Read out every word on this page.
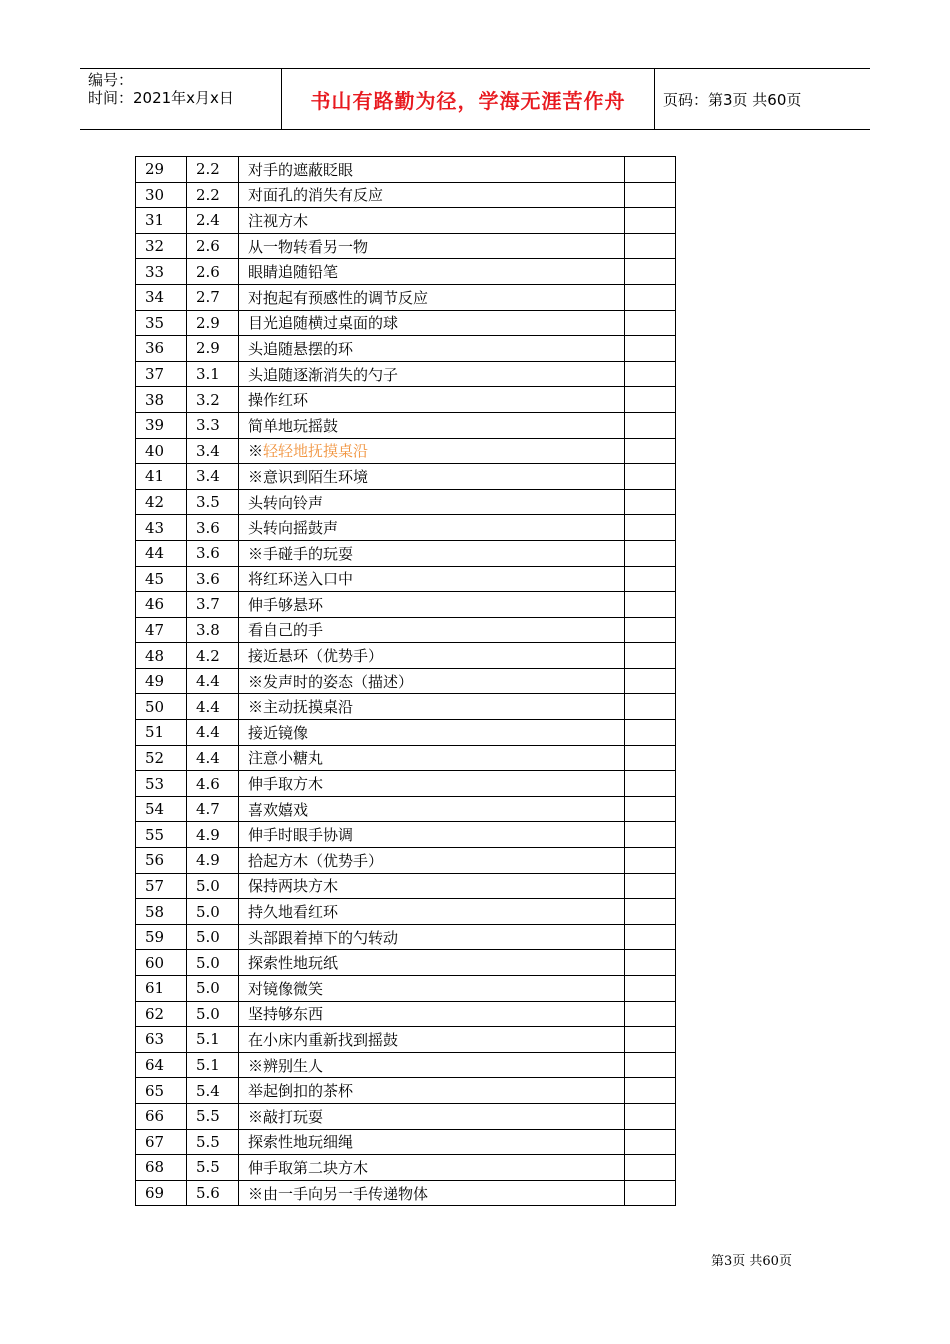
编号：
时间：2021年x月x日	书山有路勤为径，学海无涯苦作舟	页码：第3页 共60页
29	2.2	对手的遮蔽眨眼	
30	2.2	对面孔的消失有反应	
31	2.4	注视方木	
32	2.6	从一物转看另一物	
33	2.6	眼睛追随铅笔	
34	2.7	对抱起有预感性的调节反应	
35	2.9	目光追随横过桌面的球	
36	2.9	头追随悬摆的环	
37	3.1	头追随逐渐消失的勺子	
38	3.2	操作红环	
39	3.3	简单地玩摇鼓	
40	3.4	※轻轻地抚摸桌沿	
41	3.4	※意识到陌生环境	
42	3.5	头转向铃声	
43	3.6	头转向摇鼓声	
44	3.6	※手碰手的玩耍	
45	3.6	将红环送入口中	
46	3.7	伸手够悬环	
47	3.8	看自己的手	
48	4.2	接近悬环（优势手）	
49	4.4	※发声时的姿态（描述）	
50	4.4	※主动抚摸桌沿	
51	4.4	接近镜像	
52	4.4	注意小糖丸	
53	4.6	伸手取方木	
54	4.7	喜欢嬉戏	
55	4.9	伸手时眼手协调	
56	4.9	拾起方木（优势手）	
57	5.0	保持两块方木	
58	5.0	持久地看红环	
59	5.0	头部跟着掉下的勺转动	
60	5.0	探索性地玩纸	
61	5.0	对镜像微笑	
62	5.0	坚持够东西	
63	5.1	在小床内重新找到摇鼓	
64	5.1	※辨别生人	
65	5.4	举起倒扣的茶杯	
66	5.5	※敲打玩耍	
67	5.5	探索性地玩细绳	
68	5.5	伸手取第二块方木	
69	5.6	※由一手向另一手传递物体	
第3页 共60页
